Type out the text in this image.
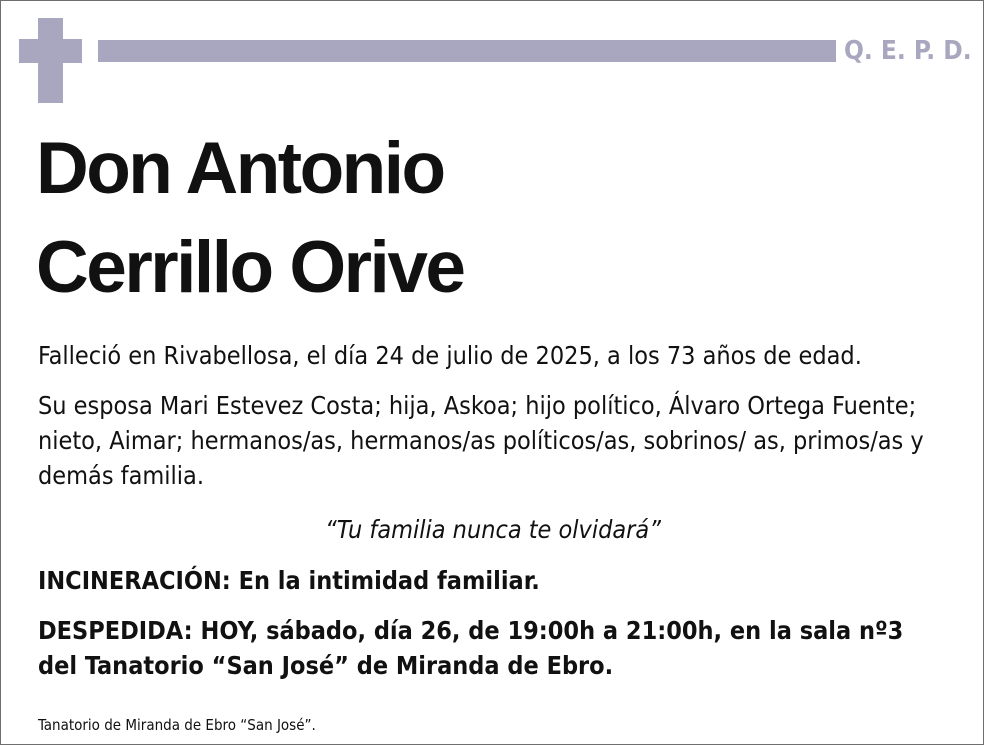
Q. E. P. D.
Don Antonio
Cerrillo Orive

Falleció en Rivabellosa, el día 24 de julio de 2025, a los 73 años de edad.

Su esposa Mari Estevez Costa; hija, Askoa; hijo político, Álvaro Ortega Fuente; nieto, Aimar; hermanos/as, hermanos/as políticos/as, sobrinos/ as, primos/as y demás familia.

“Tu familia nunca te olvidará”

INCINERACIÓN: En la intimidad familiar.

DESPEDIDA: HOY, sábado, día 26, de 19:00h a 21:00h, en la sala nº3
del Tanatorio “San José” de Miranda de Ebro.

Tanatorio de Miranda de Ebro “San José”.
